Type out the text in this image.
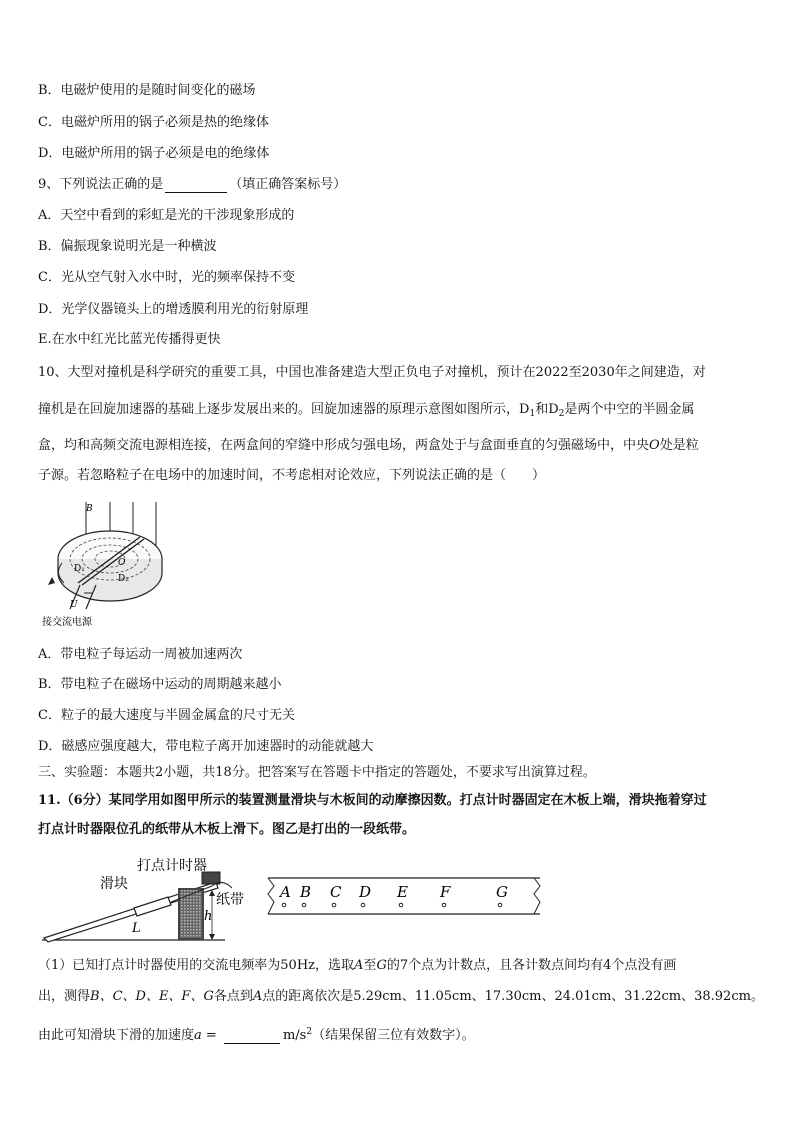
B．电磁炉使用的是随时间变化的磁场
C．电磁炉所用的锅子必须是热的绝缘体
D．电磁炉所用的锅子必须是电的绝缘体
9、下列说法正确的是	（填正确答案标号）
A．天空中看到的彩虹是光的干涉现象形成的
B．偏振现象说明光是一种横波
C．光从空气射入水中时，光的频率保持不变
D．光学仪器镜头上的增透膜利用光的衍射原理
E.在水中红光比蓝光传播得更快
10、大型对撞机是科学研究的重要工具，中国也准备建造大型正负电子对撞机，预计在2022至2030年之间建造，对
撞机是在回旋加速器的基础上逐步发展出来的。回旋加速器的原理示意图如图所示，$D_1$和$D_2$是两个中空的半圆金属
盒，均和高频交流电源相连接，在两盒间的窄缝中形成匀强电场，两盒处于与盒面垂直的匀强磁场中，中央O处是粒
子源。若忽略粒子在电场中的加速时间，不考虑相对论效应，下列说法正确的是（　　）
B
D₁
D₂
O
U
接交流电源
A．带电粒子每运动一周被加速两次
B．带电粒子在磁场中运动的周期越来越小
C．粒子的最大速度与半圆金属盒的尺寸无关
D．磁感应强度越大，带电粒子离开加速器时的动能就越大
三、实验题：本题共2小题，共18分。把答案写在答题卡中指定的答题处，不要求写出演算过程。
11.（6分）某同学用如图甲所示的装置测量滑块与木板间的动摩擦因数。打点计时器固定在木板上端，滑块拖着穿过
打点计时器限位孔的纸带从木板上滑下。图乙是打出的一段纸带。
打点计时器
滑块
纸带
L
h
A B C D E F	G
（1）已知打点计时器使用的交流电频率为50Hz，选取A至G的7个点为计数点，且各计数点间均有4个点没有画
出，测得B、C、D、E、F、G各点到A点的距离依次是5.29cm、11.05cm、17.30cm、24.01cm、31.22cm、38.92cm。
由此可知滑块下滑的加速度a =	$m/s^2$（结果保留三位有效数字）。
